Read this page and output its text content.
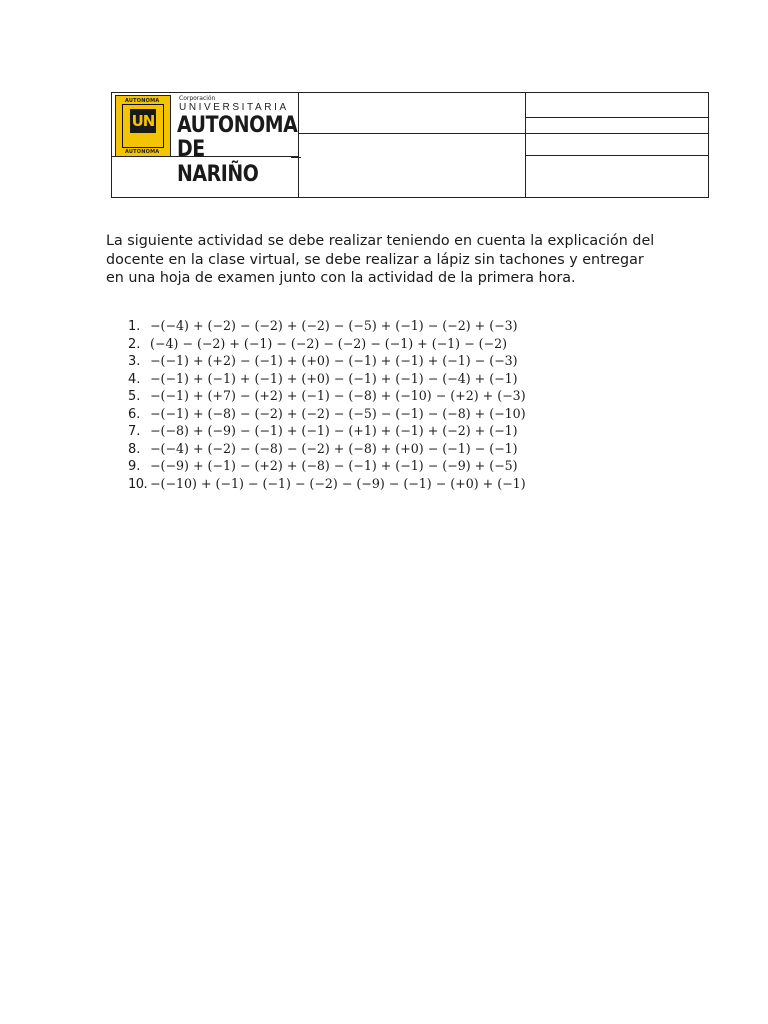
AUTONOMA
UN
AUTONOMA
Corporación
UNIVERSITARIA
AUTONOMA
DE NARIÑO
La siguiente actividad se debe realizar teniendo en cuenta la explicación del docente en la clase virtual, se debe realizar a lápiz sin tachones y entregar en una hoja de examen junto con la actividad de la primera hora.
1. −(−4) + (−2) − (−2) + (−2) − (−5) + (−1) − (−2) + (−3)
2. (−4) − (−2) + (−1) − (−2) − (−2) − (−1) + (−1) − (−2)
3. −(−1) + (+2) − (−1) + (+0) − (−1) + (−1) + (−1) − (−3)
4. −(−1) + (−1) + (−1) + (+0) − (−1) + (−1) − (−4) + (−1)
5. −(−1) + (+7) − (+2) + (−1) − (−8) + (−10) − (+2) + (−3)
6. −(−1) + (−8) − (−2) + (−2) − (−5) − (−1) − (−8) + (−10)
7. −(−8) + (−9) − (−1) + (−1) − (+1) + (−1) + (−2) + (−1)
8. −(−4) + (−2) − (−8) − (−2) + (−8) + (+0) − (−1) − (−1)
9. −(−9) + (−1) − (+2) + (−8) − (−1) + (−1) − (−9) + (−5)
10. −(−10) + (−1) − (−1) − (−2) − (−9) − (−1) − (+0) + (−1)
